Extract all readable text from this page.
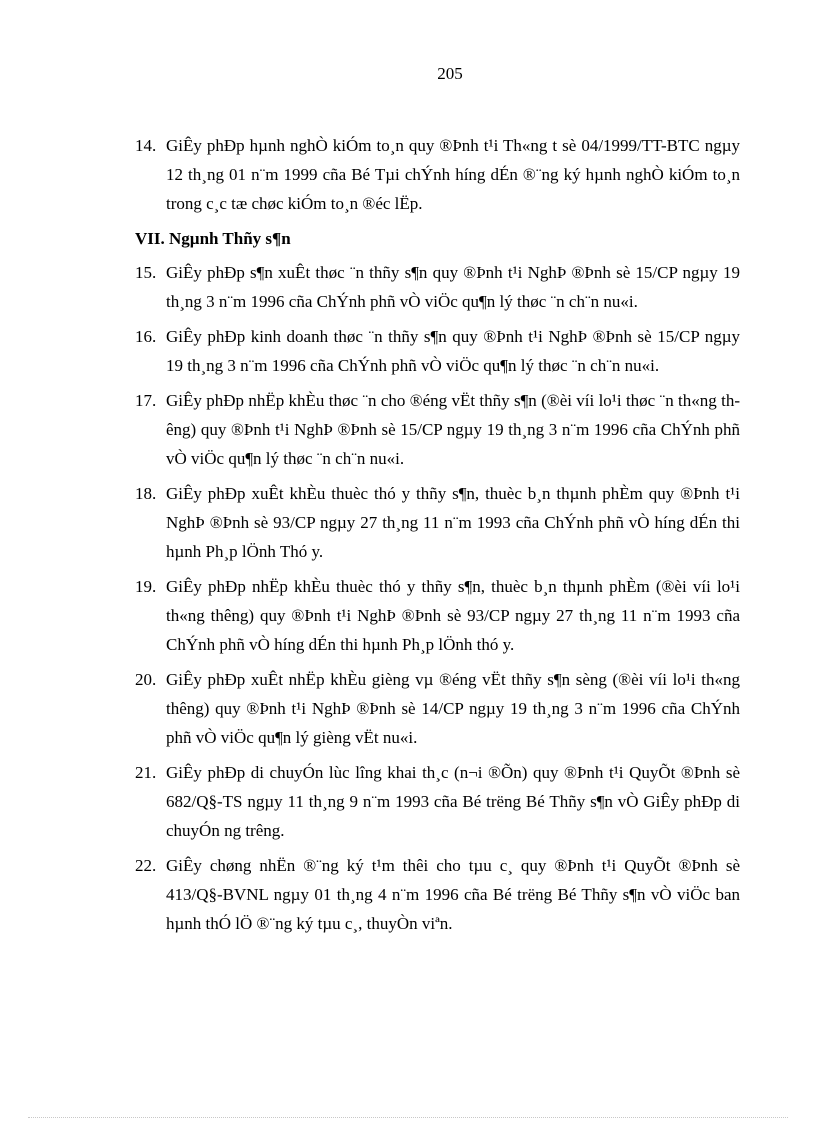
205
14. GiÊy phÐp hµnh nghÒ kiÓm to¸n quy ®Þnh t¹i Th«ng t sè 04/1999/TT-BTC ngµy 12 th¸ng 01 n¨m 1999 cña Bé Tµi chÝnh híng dÉn ®¨ng ký hµnh nghÒ kiÓm to¸n trong c¸c tæ chøc kiÓm to¸n ®éc lËp.
VII. Ngµnh Thñy s¶n
15. GiÊy phÐp s¶n xuÊt thøc ¨n thñy s¶n quy ®Þnh t¹i NghÞ ®Þnh sè 15/CP ngµy 19 th¸ng 3 n¨m 1996 cña ChÝnh phñ vÒ viÖc qu¶n lý thøc ¨n ch¨n nu«i.
16. GiÊy phÐp kinh doanh thøc ¨n thñy s¶n quy ®Þnh t¹i NghÞ ®Þnh sè 15/CP ngµy 19 th¸ng 3 n¨m 1996 cña ChÝnh phñ vÒ viÖc qu¶n lý thøc ¨n ch¨n nu«i.
17. GiÊy phÐp nhËp khÈu thøc ¨n cho ®éng vËt thñy s¶n (®èi víi lo¹i thøc ¨n th«ng thêng) quy ®Þnh t¹i NghÞ ®Þnh sè 15/CP ngµy 19 th¸ng 3 n¨m 1996 cña ChÝnh phñ vÒ viÖc qu¶n lý thøc ¨n ch¨n nu«i.
18. GiÊy phÐp xuÊt khÈu thuèc thó y thñy s¶n, thuèc b¸n thµnh phÈm quy ®Þnh t¹i NghÞ ®Þnh sè 93/CP ngµy 27 th¸ng 11 n¨m 1993 cña ChÝnh phñ vÒ híng dÉn thi hµnh Ph¸p lÖnh Thó y.
19. GiÊy phÐp nhËp khÈu thuèc thó y thñy s¶n, thuèc b¸n thµnh phÈm (®èi víi lo¹i th«ng thêng) quy ®Þnh t¹i NghÞ ®Þnh sè 93/CP ngµy 27 th¸ng 11 n¨m 1993 cña ChÝnh phñ vÒ híng dÉn thi hµnh Ph¸p lÖnh thó y.
20. GiÊy phÐp xuÊt nhËp khÈu gièng vµ ®éng vËt thñy s¶n sèng (®èi víi lo¹i th«ng thêng) quy ®Þnh t¹i NghÞ ®Þnh sè 14/CP ngµy 19 th¸ng 3 n¨m 1996 cña ChÝnh phñ vÒ viÖc qu¶n lý gièng vËt nu«i.
21. GiÊy phÐp di chuyÓn lùc lîng khai th¸c (n¬i ®Õn) quy ®Þnh t¹i QuyÕt ®Þnh sè 682/Q§-TS ngµy 11 th¸ng 9 n¨m 1993 cña Bé trëng Bé Thñy s¶n vÒ GiÊy phÐp di chuyÓn ng trêng.
22. GiÊy chøng nhËn ®¨ng ký t¹m thêi cho tµu c¸ quy ®Þnh t¹i QuyÕt ®Þnh sè 413/Q§-BVNL ngµy 01 th¸ng 4 n¨m 1996 cña Bé trëng Bé Thñy s¶n vÒ viÖc ban hµnh thÓ lÖ ®¨ng ký tµu c¸, thuyÒn viªn.
